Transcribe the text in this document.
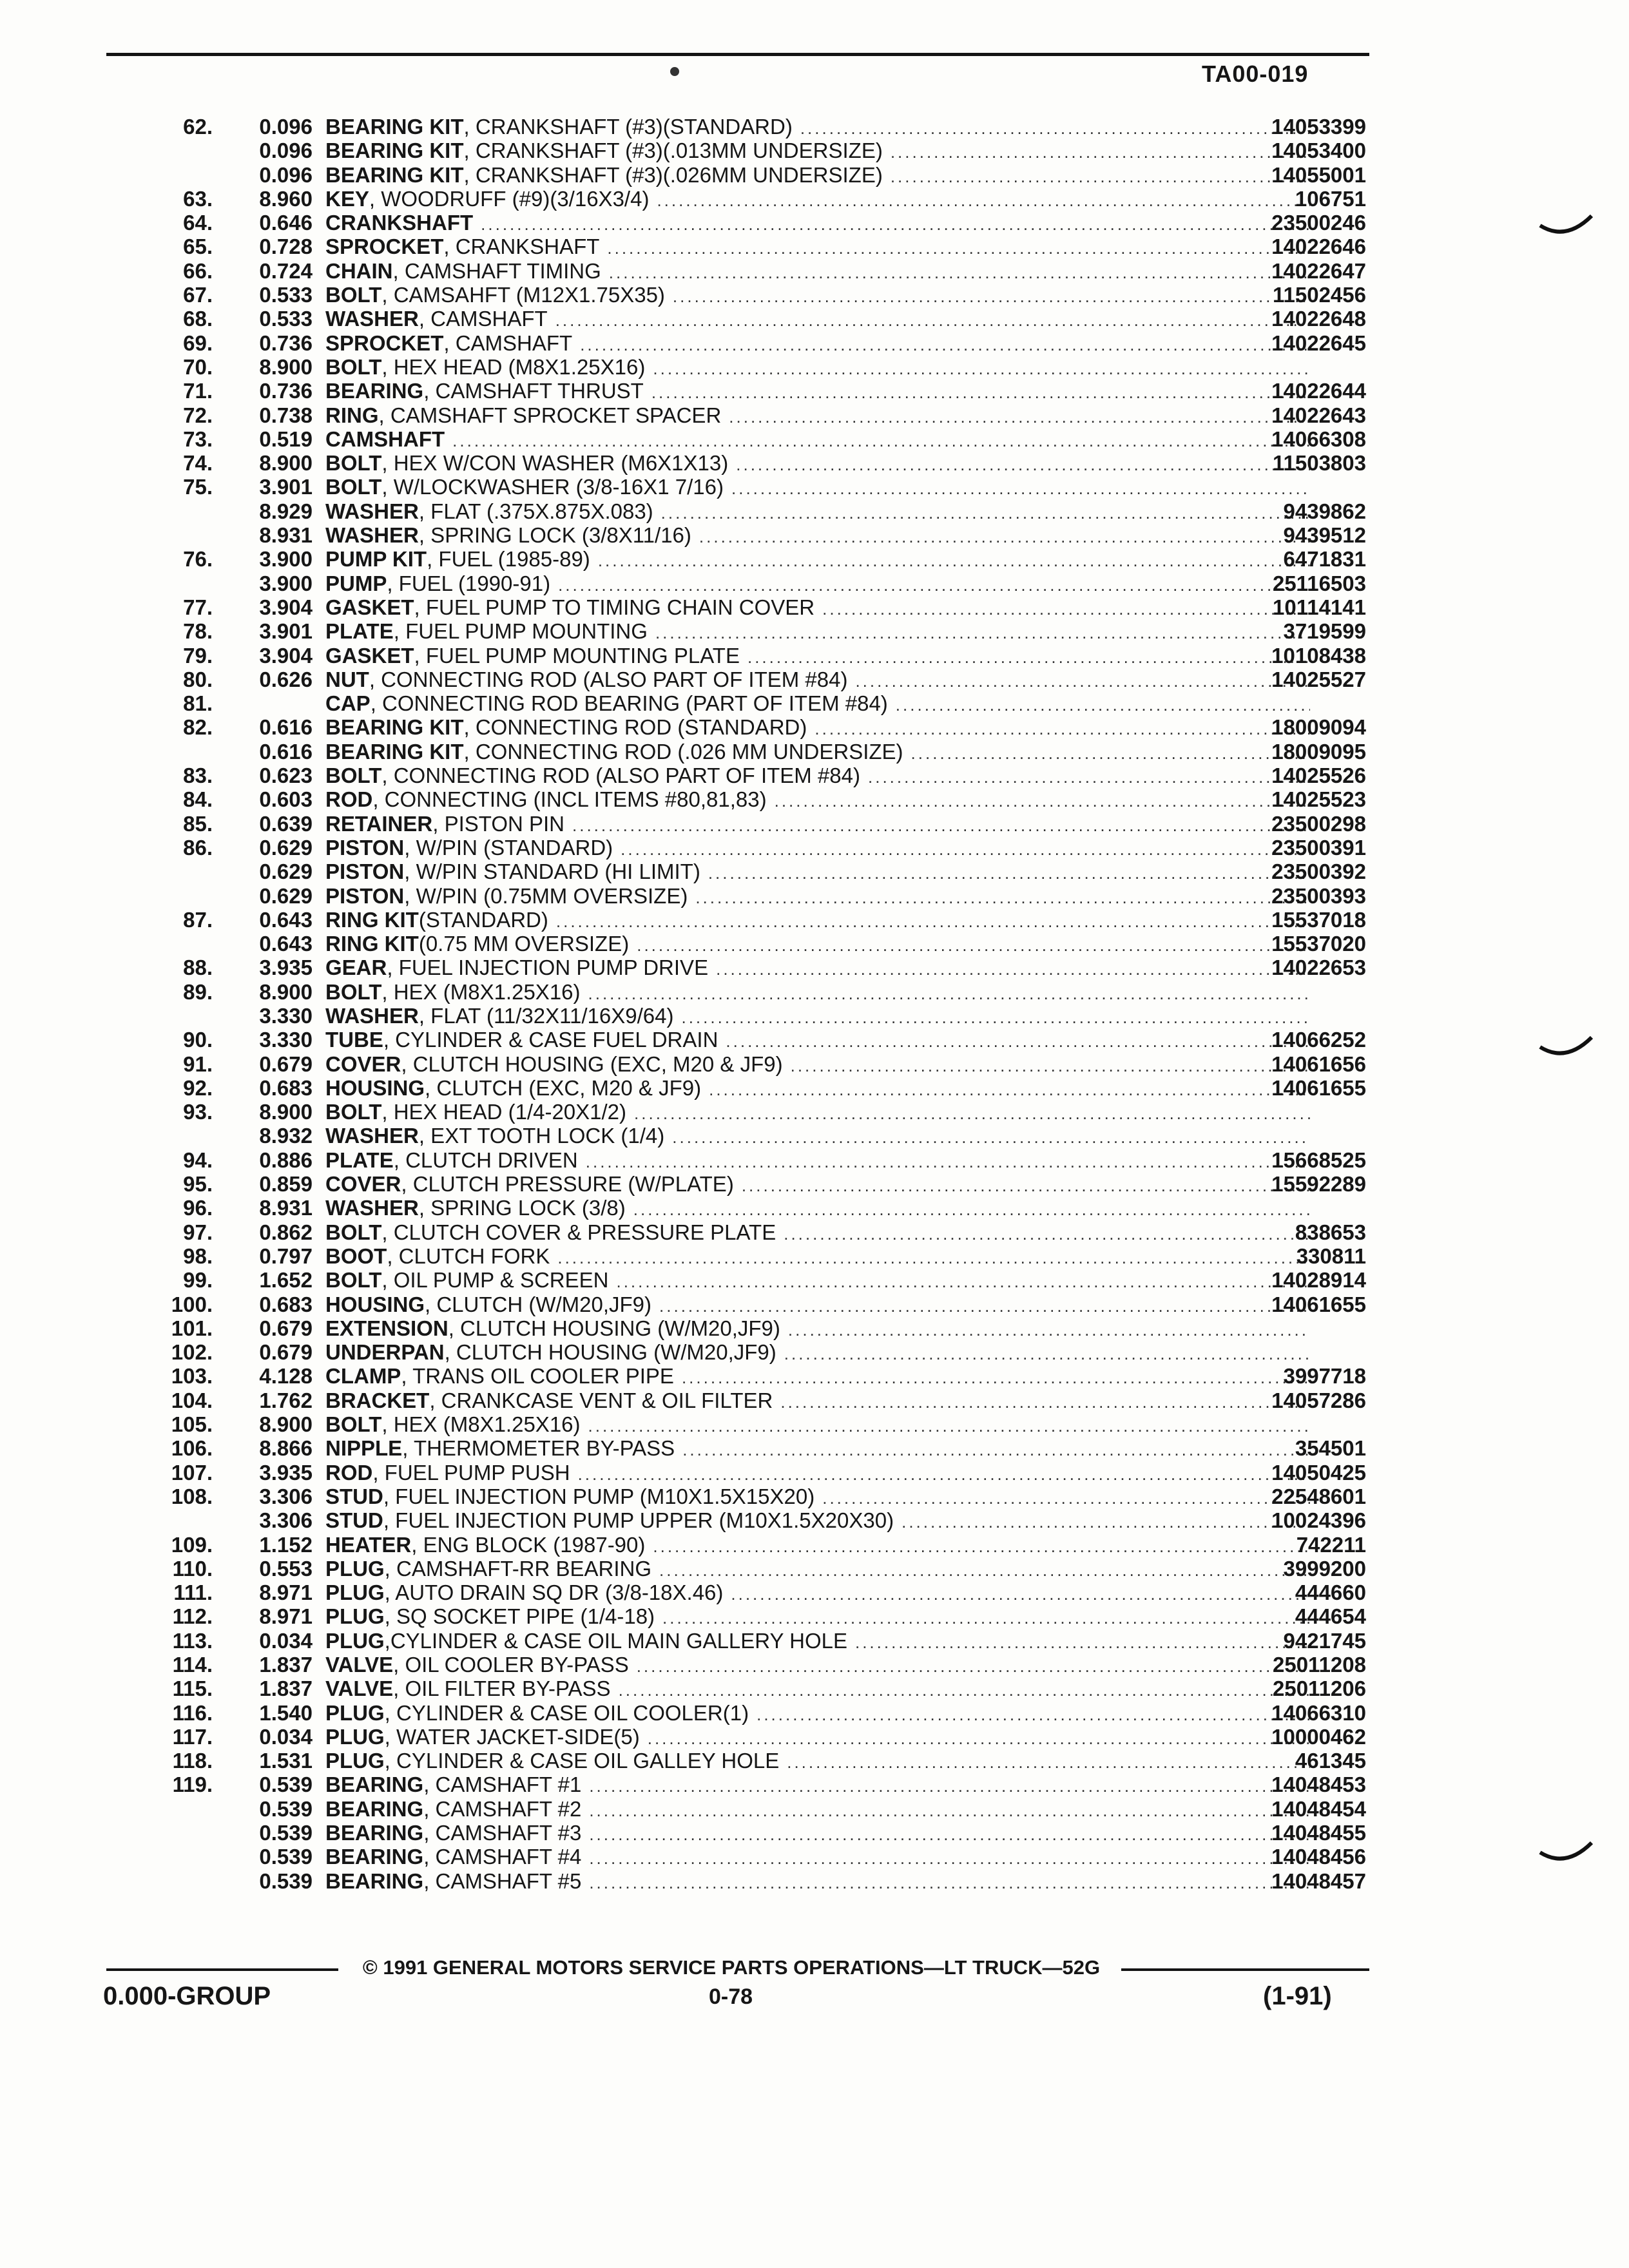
TA00-019
62.	0.096 BEARING KIT , CRANKSHAFT (#3)(STANDARD) .....	14053399
0.096 BEARING KIT , CRANKSHAFT (#3)(.013MM UNDERSIZE) .....	14053400
0.096 BEARING KIT , CRANKSHAFT (#3)(.026MM UNDERSIZE) .....	14055001
63.	8.960 KEY , WOODRUFF (#9)(3/16X3/4) .....	106751
64.	0.646 CRANKSHAFT .....	23500246
65.	0.728 SPROCKET , CRANKSHAFT .....	14022646
66.	0.724 CHAIN , CAMSHAFT TIMING .....	14022647
67.	0.533 BOLT , CAMSAHFT (M12X1.75X35) .....	11502456
68.	0.533 WASHER , CAMSHAFT .....	14022648
69.	0.736 SPROCKET , CAMSHAFT .....	14022645
70.	8.900 BOLT , HEX HEAD (M8X1.25X16)
.....
71.	0.736 BEARING , CAMSHAFT THRUST .....	14022644
72.	0.738 RING , CAMSHAFT SPROCKET SPACER .....	14022643
73.	0.519 CAMSHAFT .....	14066308
74.	8.900 BOLT , HEX W/CON WASHER (M6X1X13) .....	11503803
75.	3.901 BOLT , W/LOCKWASHER (3/8-16X1 7/16)
.....
8.929 WASHER , FLAT (.375X.875X.083) .....	9439862
8.931 WASHER , SPRING LOCK (3/8X11/16) .....	9439512
76.	3.900 PUMP KIT , FUEL (1985-89) .....	6471831
3.900 PUMP , FUEL (1990-91) .....	25116503
77.	3.904 GASKET , FUEL PUMP TO TIMING CHAIN COVER .....	10114141
78.	3.901 PLATE , FUEL PUMP MOUNTING .....	3719599
79.	3.904 GASKET , FUEL PUMP MOUNTING PLATE .....	10108438
80.	0.626 NUT , CONNECTING ROD (ALSO PART OF ITEM #84) .....	14025527
81.	CAP , CONNECTING ROD BEARING (PART OF ITEM #84)
.....
82.	0.616 BEARING KIT , CONNECTING ROD (STANDARD) .....	18009094
0.616 BEARING KIT , CONNECTING ROD (.026 MM UNDERSIZE) .....	18009095
83.	0.623 BOLT , CONNECTING ROD (ALSO PART OF ITEM #84) .....	14025526
84.	0.603 ROD , CONNECTING (INCL ITEMS #80,81,83) .....	14025523
85.	0.639 RETAINER , PISTON PIN .....	23500298
86.	0.629 PISTON , W/PIN (STANDARD) .....	23500391
0.629 PISTON , W/PIN STANDARD (HI LIMIT) .....	23500392
0.629 PISTON , W/PIN (0.75MM OVERSIZE) .....	23500393
87.	0.643 RING KIT (STANDARD) .....	15537018
0.643 RING KIT (0.75 MM OVERSIZE) .....	15537020
88.	3.935 GEAR , FUEL INJECTION PUMP DRIVE .....	14022653
89.	8.900 BOLT , HEX (M8X1.25X16)
.....
3.330 WASHER , FLAT (11/32X11/16X9/64)
.....
90.	3.330 TUBE , CYLINDER & CASE FUEL DRAIN .....	14066252
91.	0.679 COVER , CLUTCH HOUSING (EXC, M20 & JF9) .....	14061656
92.	0.683 HOUSING , CLUTCH (EXC, M20 & JF9) .....	14061655
93.	8.900 BOLT , HEX HEAD (1/4-20X1/2)
.....
8.932 WASHER , EXT TOOTH LOCK (1/4)
.....
94.	0.886 PLATE , CLUTCH DRIVEN .....	15668525
95.	0.859 COVER , CLUTCH PRESSURE (W/PLATE) .....	15592289
96.	8.931 WASHER , SPRING LOCK (3/8)
.....
97.	0.862 BOLT , CLUTCH COVER & PRESSURE PLATE .....	838653
98.	0.797 BOOT , CLUTCH FORK .....	330811
99.	1.652 BOLT , OIL PUMP & SCREEN .....	14028914
100.	0.683 HOUSING , CLUTCH (W/M20,JF9) .....	14061655
101.	0.679 EXTENSION , CLUTCH HOUSING (W/M20,JF9)
.....
102.	0.679 UNDERPAN , CLUTCH HOUSING (W/M20,JF9)
.....
103.	4.128 CLAMP , TRANS OIL COOLER PIPE .....	3997718
104.	1.762 BRACKET , CRANKCASE VENT & OIL FILTER .....	14057286
105.	8.900 BOLT , HEX (M8X1.25X16)
.....
106.	8.866 NIPPLE , THERMOMETER BY-PASS .....	354501
107.	3.935 ROD , FUEL PUMP PUSH .....	14050425
108.	3.306 STUD , FUEL INJECTION PUMP (M10X1.5X15X20) .....	22548601
3.306 STUD , FUEL INJECTION PUMP UPPER (M10X1.5X20X30) .....	10024396
109.	1.152 HEATER , ENG BLOCK (1987-90) .....	742211
110.	0.553 PLUG , CAMSHAFT-RR BEARING .....	3999200
111.	8.971 PLUG , AUTO DRAIN SQ DR (3/8-18X.46) .....	444660
112.	8.971 PLUG , SQ SOCKET PIPE (1/4-18) .....	444654
113.	0.034 PLUG ,CYLINDER & CASE OIL MAIN GALLERY HOLE .....	9421745
114.	1.837 VALVE , OIL COOLER BY-PASS .....	25011208
115.	1.837 VALVE , OIL FILTER BY-PASS .....	25011206
116.	1.540 PLUG , CYLINDER & CASE OIL COOLER(1) .....	14066310
117.	0.034 PLUG , WATER JACKET-SIDE(5) .....	10000462
118.	1.531 PLUG , CYLINDER & CASE OIL GALLEY HOLE .....	461345
119.	0.539 BEARING , CAMSHAFT #1 .....	14048453
0.539 BEARING , CAMSHAFT #2 .....	14048454
0.539 BEARING , CAMSHAFT #3 .....	14048455
0.539 BEARING , CAMSHAFT #4 .....	14048456
0.539 BEARING , CAMSHAFT #5 .....	14048457
© 1991 GENERAL MOTORS SERVICE PARTS OPERATIONS—LT TRUCK—52G
0.000-GROUP	0-78	(1-91)
